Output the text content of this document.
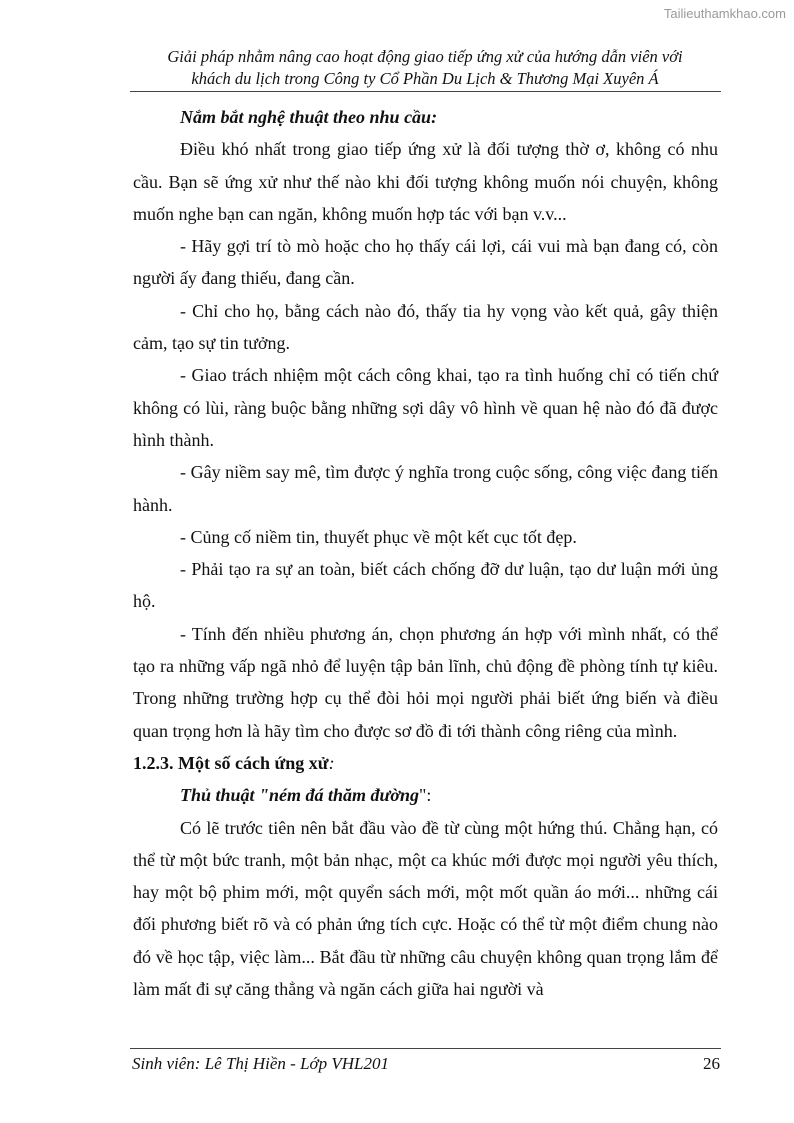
Tailieuthamkhao.com
Giải pháp nhằm nâng cao hoạt động giao tiếp ứng xử của hướng dẫn viên với
khách du lịch trong Công ty Cổ Phần Du Lịch & Thương Mại Xuyên Á

Nắm bắt nghệ thuật theo nhu cầu:

Điều khó nhất trong giao tiếp ứng xử là đối tượng thờ ơ, không có nhu cầu. Bạn sẽ ứng xử như thế nào khi đối tượng không muốn nói chuyện, không muốn nghe bạn can ngăn, không muốn hợp tác với bạn v.v...

- Hãy gợi trí tò mò hoặc cho họ thấy cái lợi, cái vui mà bạn đang có, còn người ấy đang thiếu, đang cần.

- Chỉ cho họ, bằng cách nào đó, thấy tia hy vọng vào kết quả, gây thiện cảm, tạo sự tin tưởng.

- Giao trách nhiệm một cách công khai, tạo ra tình huống chỉ có tiến chứ không có lùi, ràng buộc bằng những sợi dây vô hình về quan hệ nào đó đã được hình thành.

- Gây niềm say mê, tìm được ý nghĩa trong cuộc sống, công việc đang tiến hành.

- Củng cố niềm tin, thuyết phục về một kết cục tốt đẹp.

- Phải tạo ra sự an toàn, biết cách chống đỡ dư luận, tạo dư luận mới ủng hộ.

- Tính đến nhiều phương án, chọn phương án hợp với mình nhất, có thể tạo ra những vấp ngã nhỏ để luyện tập bản lĩnh, chủ động đề phòng tính tự kiêu. Trong những trường hợp cụ thể đòi hỏi mọi người phải biết ứng biến và điều quan trọng hơn là hãy tìm cho được sơ đồ đi tới thành công riêng của mình.

1.2.3. Một số cách ứng xử:

Thủ thuật "ném đá thăm đường":

Có lẽ trước tiên nên bắt đầu vào đề từ cùng một hứng thú. Chẳng hạn, có thể từ một bức tranh, một bản nhạc, một ca khúc mới được mọi người yêu thích, hay một bộ phim mới, một quyển sách mới, một mốt quần áo mới... những cái đối phương biết rõ và có phản ứng tích cực. Hoặc có thể từ một điểm chung nào đó về học tập, việc làm... Bắt đầu từ những câu chuyện không quan trọng lắm để làm mất đi sự căng thẳng và ngăn cách giữa hai người và

Sinh viên: Lê Thị Hiền - Lớp VHL201	26
